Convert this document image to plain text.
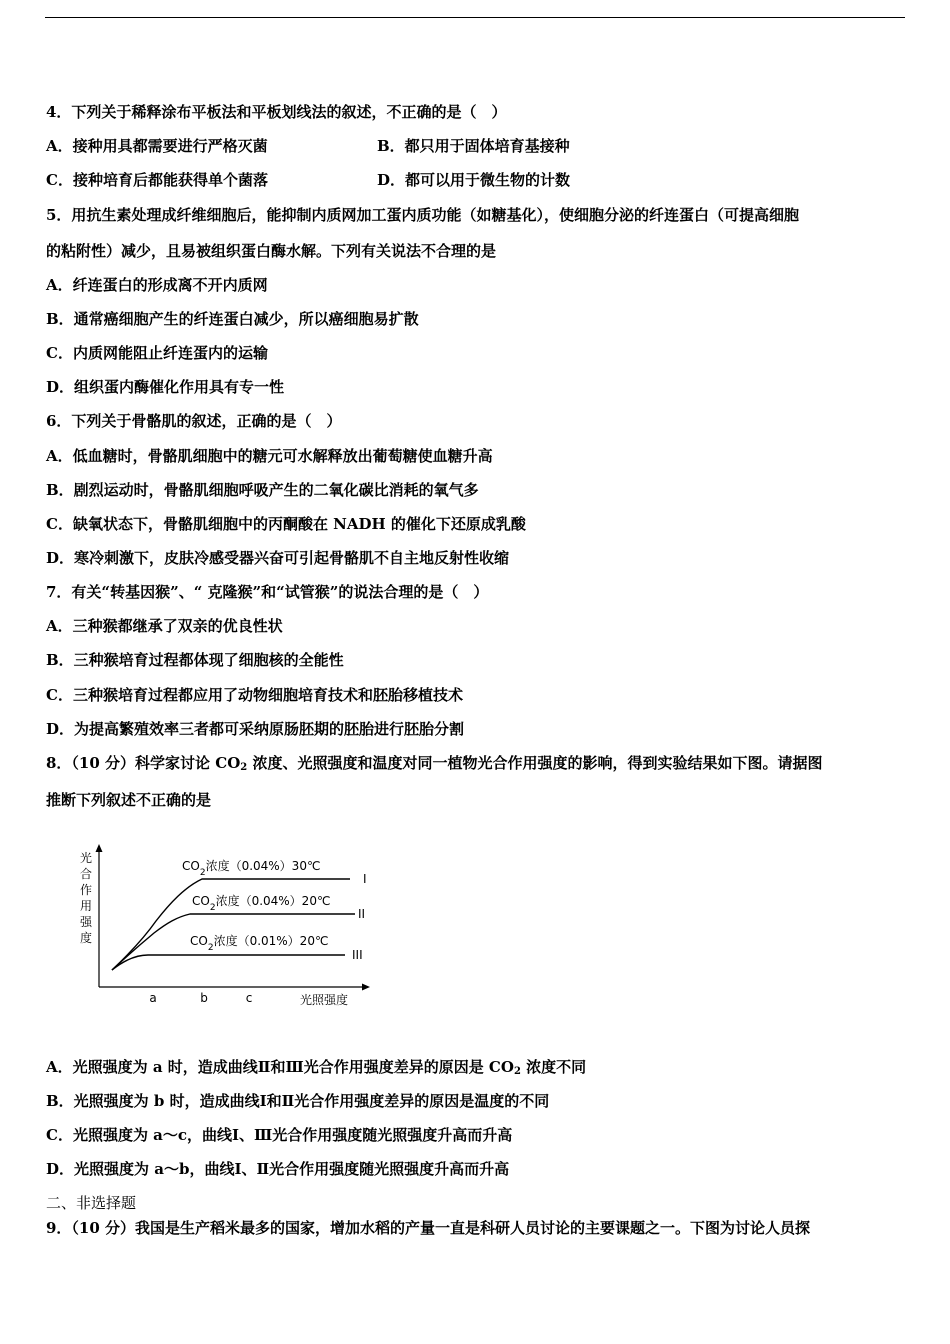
4．下列关于稀释涂布平板法和平板划线法的叙述，不正确的是（　）
A．接种用具都需要进行严格灭菌	B．都只用于固体培育基接种
C．接种培育后都能获得单个菌落	D．都可以用于微生物的计数
5．用抗生素处理成纤维细胞后，能抑制内质网加工蛋内质功能（如糖基化），使细胞分泌的纤连蛋白（可提高细胞
的粘附性）减少，且易被组织蛋白酶水解。下列有关说法不合理的是
A．纤连蛋白的形成离不开内质网
B．通常癌细胞产生的纤连蛋白减少，所以癌细胞易扩散
C．内质网能阻止纤连蛋内的运输
D．组织蛋内酶催化作用具有专一性
6．下列关于骨骼肌的叙述，正确的是（　）
A．低血糖时，骨骼肌细胞中的糖元可水解释放出葡萄糖使血糖升高
B．剧烈运动时，骨骼肌细胞呼吸产生的二氧化碳比消耗的氧气多
C．缺氧状态下，骨骼肌细胞中的丙酮酸在 NADH 的催化下还原成乳酸
D．寒冷刺激下，皮肤冷感受器兴奋可引起骨骼肌不自主地反射性收缩
7．有关“转基因猴”、“ 克隆猴”和“试管猴”的说法合理的是（　）
A．三种猴都继承了双亲的优良性状
B．三种猴培育过程都体现了细胞核的全能性
C．三种猴培育过程都应用了动物细胞培育技术和胚胎移植技术
D．为提高繁殖效率三者都可采纳原肠胚期的胚胎进行胚胎分割
8．（10 分）科学家讨论 $CO_2$ 浓度、光照强度和温度对同一植物光合作用强度的影响，得到实验结果如下图。请据图
推断下列叙述不正确的是
光
合
作
用
强
度
光照强度
a	b	c
$CO_2$浓度（0.04%）30℃
$CO_2$浓度（0.04%）20℃
$CO_2$浓度（0.01%）20℃
I
II
III
A．光照强度为 a 时，造成曲线Ⅱ和Ⅲ光合作用强度差异的原因是 $CO_2$ 浓度不同
B．光照强度为 b 时，造成曲线Ⅰ和Ⅱ光合作用强度差异的原因是温度的不同
C．光照强度为 a～c，曲线Ⅰ、Ⅲ光合作用强度随光照强度升高而升高
D．光照强度为 a～b，曲线Ⅰ、Ⅱ光合作用强度随光照强度升高而升高
二、非选择题
9．（10 分）我国是生产稻米最多的国家，增加水稻的产量一直是科研人员讨论的主要课题之一。下图为讨论人员探
